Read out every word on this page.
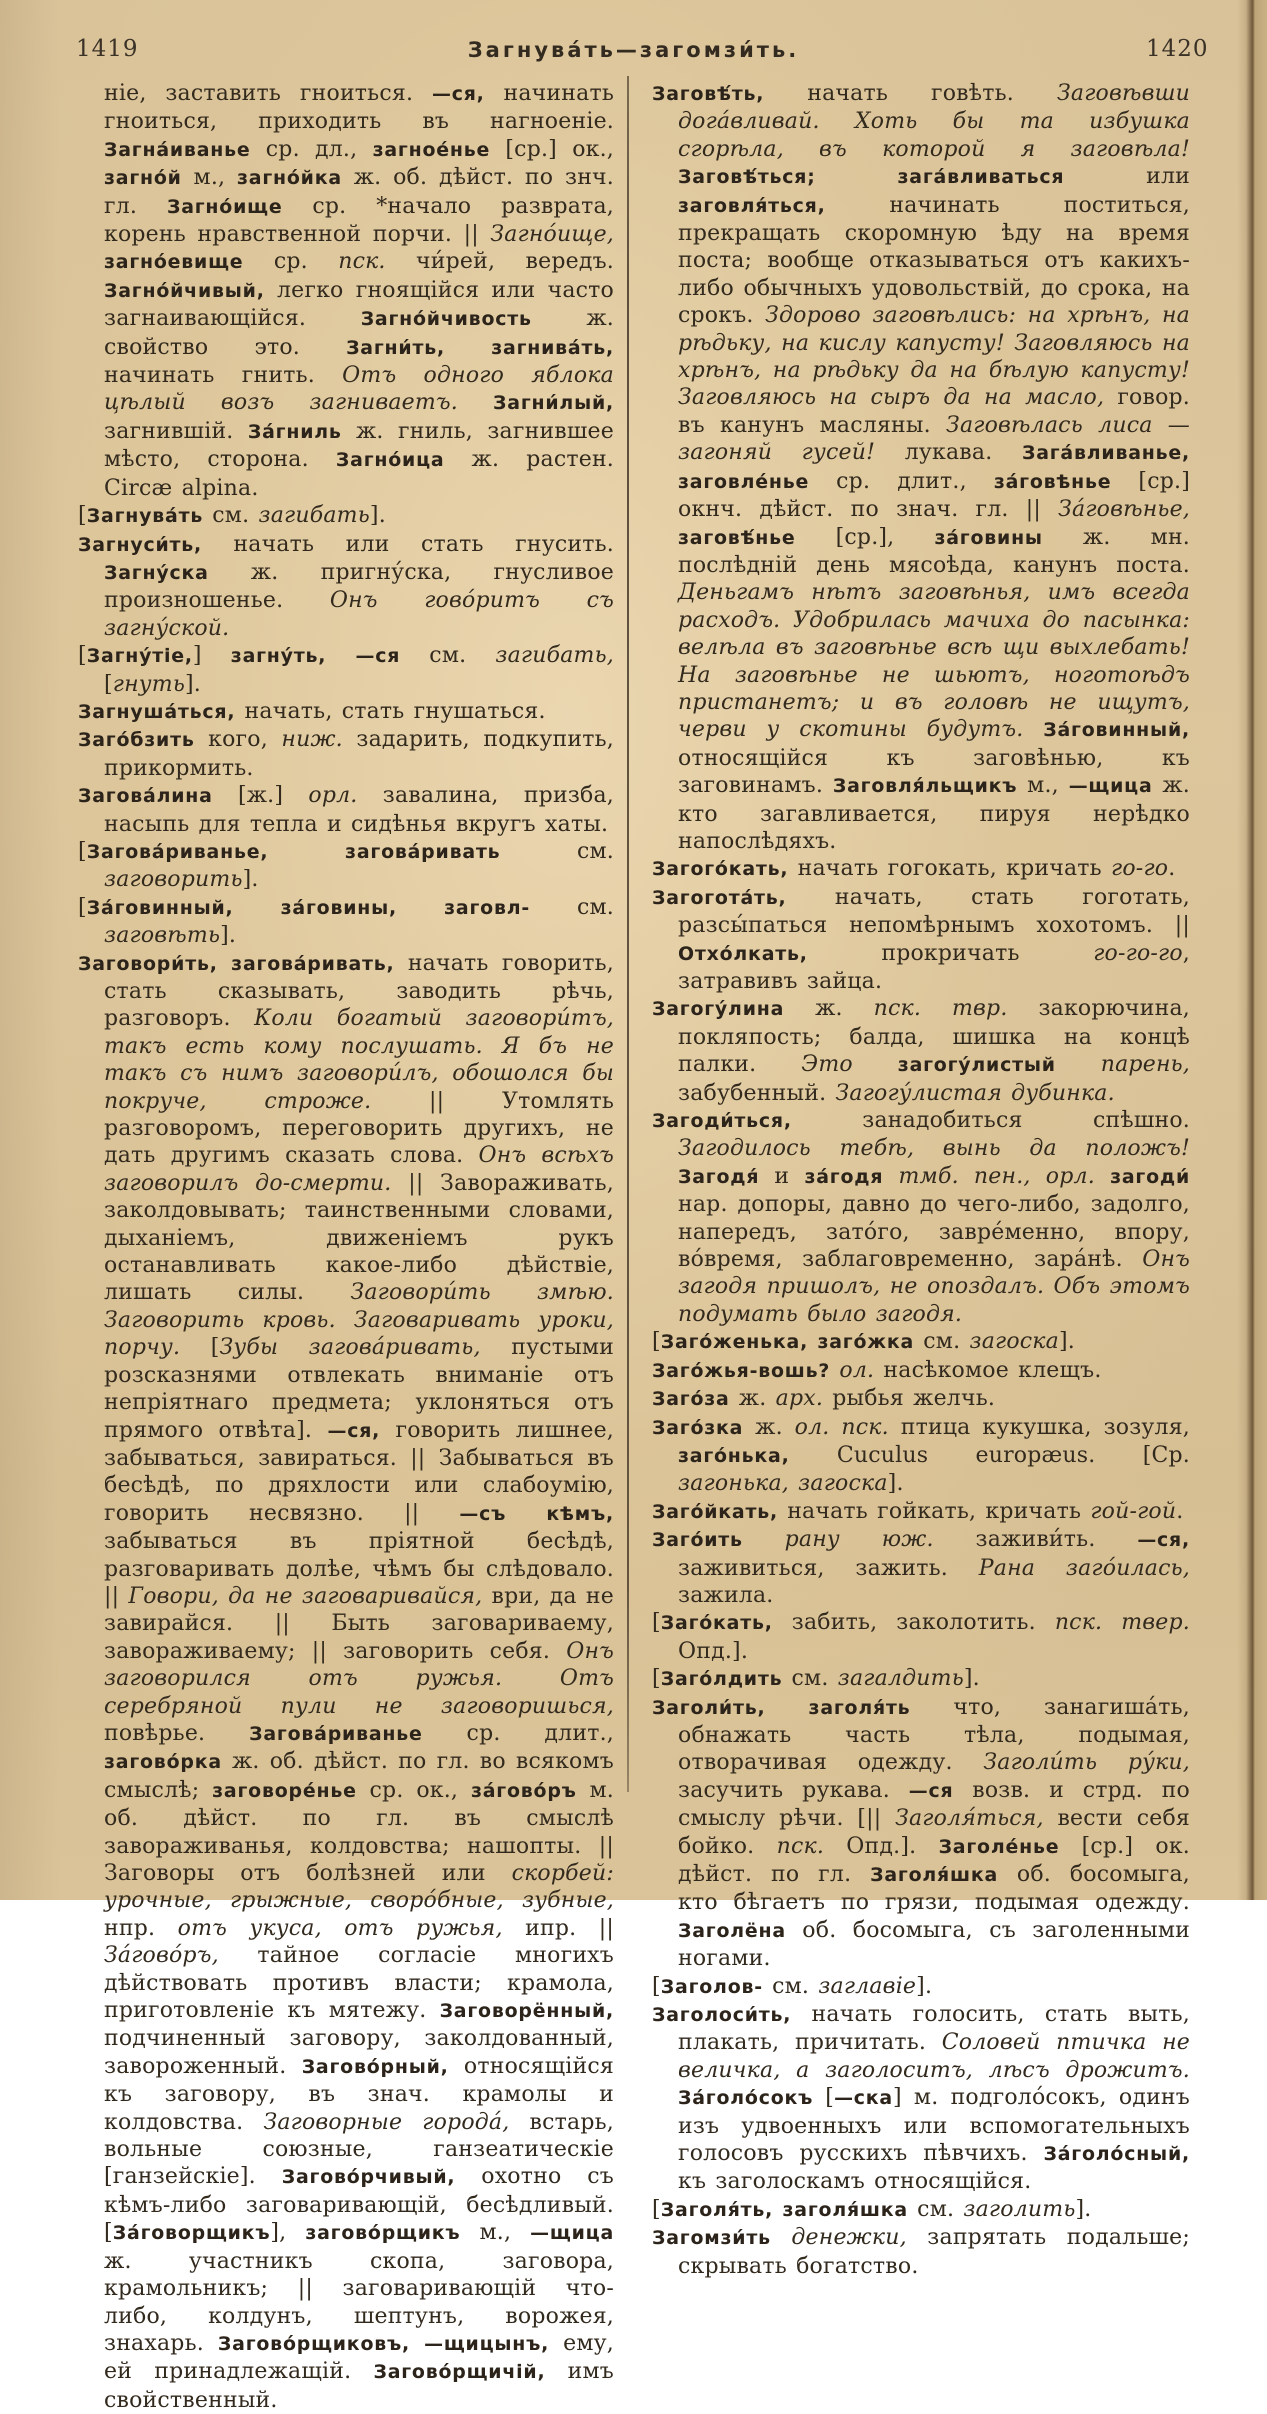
1419	Загнува́ть—загомзи́ть.	1420

ніе, заставить гноиться. —ся, начинать гноиться, приходить въ нагноеніе. Загна́иванье ср. дл., загное́нье [ср.] ок., загно́й м., загно́йка ж. об. дѣйст. по знч. гл. Загно́ище ср. *начало разврата, корень нравственной порчи. || Загно́ище, загно́евище ср. пск. чи́рей, вередъ. Загно́йчивый, легко гноящійся или часто загнаивающійся. Загно́йчивость ж. свойство это. Загни́ть, загнива́ть, начинать гнить. Отъ одного яблока цѣлый возъ загниваетъ. Загни́лый, загнившій. За́гниль ж. гниль, загнившее мѣсто, сторона. Загно́ица ж. растен. Circæ alpina.

[Загнува́ть см. загибать].

Загнуси́ть, начать или стать гнусить. Загну́ска ж. пригну́ска, гнусливое произношенье. Онъ гово́ритъ съ загну́ской.

[Загну́тіе,] загну́ть, —ся см. загибать, [гнуть].

Загнуша́ться, начать, стать гнушаться.

Заго́бзить кого, ниж. задарить, подкупить, прикормить.

Загова́лина [ж.] орл. завалина, призба, насыпь для тепла и сидѣнья вкругъ хаты.

[Загова́риванье, загова́ривать см. заговорить].

[За́говинный, за́говины, заговл- см. заговѣть].

Заговори́ть, загова́ривать, начать говорить, стать сказывать, заводить рѣчь, разговоръ. Коли богатый заговори́тъ, такъ есть кому послушать. Я бъ не такъ съ нимъ заговори́лъ, обошолся бы покруче, строже. || Утомлять разговоромъ, переговорить другихъ, не дать другимъ сказать слова. Онъ всѣхъ заговорилъ до-смерти. || Завораживать, заколдовывать; таинственными словами, дыханіемъ, движеніемъ рукъ останавливать какое-либо дѣйствіе, лишать силы. Заговори́ть змѣю. Заговорить кровь. Заговаривать уроки, порчу. [Зубы загова́ривать, пустыми розсказнями отвлекать вниманіе отъ непріятнаго предмета; уклоняться отъ прямого отвѣта]. —ся, говорить лишнее, забываться, завираться. || Забываться въ бесѣдѣ, по дряхлости или слабоумію, говорить несвязно. || —съ кѣмъ, забываться въ пріятной бесѣдѣ, разговаривать долѣе, чѣмъ бы слѣдовало. || Говори, да не заговаривайся, ври, да не завирайся. || Быть заговариваему, завораживаему; || заговорить себя. Онъ заговорился отъ ружья. Отъ серебряной пули не заговоришься, повѣрье. Загова́риванье ср. длит., загово́рка ж. об. дѣйст. по гл. во всякомъ смыслѣ; заговоре́нье ср. ок., за́гово́ръ м. об. дѣйст. по гл. въ смыслѣ завораживанья, колдовства; нашопты. || Заговоры отъ болѣзней или скорбей: урочные, грыжные, своро́бные, зубные, нпр. отъ укуса, отъ ружья, ипр. || За́гово́ръ, тайное согласіе многихъ дѣйствовать противъ власти; крамола, приготовленіе къ мятежу. Заговорённый, подчиненный заговору, заколдованный, завороженный. Загово́рный, относящійся къ заговору, въ знач. крамолы и колдовства. Заговорные города́, встарь, вольные союзные, ганзеатическіе [ганзейскіе]. Загово́рчивый, охотно съ кѣмъ-либо заговаривающій, бесѣдливый. [За́говорщикъ], загово́рщикъ м., —щица ж. участникъ скопа, заговора, крамольникъ; || заговаривающій что-либо, колдунъ, шептунъ, ворожея, знахарь. Загово́рщиковъ, —щицынъ, ему, ей принадлежащій. Загово́рщичій, имъ свойственный.

Заговѣ́ть, начать говѣть. Заговѣвши дога́вливай. Хоть бы та избушка сгорѣла, въ которой я заговѣла! Заговѣ́ться; зага́вливаться или заговля́ться, начинать поститься, прекращать скоромную ѣду на время поста; вообще отказываться отъ какихъ-либо обычныхъ удовольствій, до срока, на срокъ. Здорово заговѣлись: на хрѣнъ, на рѣдьку, на кислу капусту! Заговляюсь на хрѣнъ, на рѣдьку да на бѣлую капусту! Заговляюсь на сыръ да на масло, говор. въ канунъ масляны. Заговѣлась лиса — загоняй гусей! лукава. Зага́вливанье, заговле́нье ср. длит., за́говѣнье [ср.] окнч. дѣйст. по знач. гл. || За́говѣнье, заговѣ́нье [ср.], за́говины ж. мн. послѣдній день мясоѣда, канунъ поста. Деньгамъ нѣтъ заговѣнья, имъ всегда расходъ. Удобрилась мачиха до пасынка: велѣла въ заговѣнье всѣ щи выхлебать! На заговѣнье не шьютъ, ноготоѣдъ пристанетъ; и въ головѣ не ищутъ, черви у скотины будутъ. За́говинный, относящійся къ заговѣнью, къ заговинамъ. Заговля́льщикъ м., —щица ж. кто загавливается, пируя нерѣдко напослѣдяхъ.

Загого́кать, начать гогокать, кричать го-го.

Загогота́ть, начать, стать гоготать, разсы́паться непомѣрнымъ хохотомъ. || Отхо́лкать, прокричать го-го-го, затравивъ зайца.

Загогу́лина ж. пск. твр. закорючина, покляпость; балда, шишка на концѣ палки. Это загогу́листый парень, забубенный. Загогу́листая дубинка.

Загоди́ться, занадобиться спѣшно. Загодилось тебѣ, вынь да положъ! Загодя́ и за́годя тмб. пен., орл. загоди́ нар. допоры, давно до чего-либо, задолго, напередъ, зато́го, завре́менно, впору, во́время, заблаговременно, зара́нѣ. Онъ загодя пришолъ, не опоздалъ. Объ этомъ подумать было загодя.

[Заго́женька, заго́жка см. загоска].

Заго́жья-вошь? ол. насѣкомое клещъ.

Заго́за ж. арх. рыбья желчь.

Заго́зка ж. ол. пск. птица кукушка, зозуля, заго́нька, Cuculus europæus. [Ср. загонька, загоска].

Заго́йкать, начать гойкать, кричать гой-гой.

Заго́ить рану юж. заживи́ть. —ся, заживиться, зажить. Рана заго́илась, зажила.

[Заго́кать, забить, заколотить. пск. твер. Опд.].

[Заго́лдить см. загалдить].

Заголи́ть, заголя́ть что, занагиша́ть, обнажать часть тѣла, подымая, отворачивая одежду. Заголи́ть ру́ки, засучить рукава. —ся возв. и стрд. по смыслу рѣчи. [|| Заголя́ться, вести себя бойко. пск. Опд.]. Заголе́нье [ср.] ок. дѣйст. по гл. Заголя́шка об. босомыга, кто бѣгаетъ по грязи, подымая одежду. Заголёна об. босомыга, съ заголенными ногами.

[Заголов- см. заглавіе].

Заголоси́ть, начать голосить, стать выть, плакать, причитать. Соловей птичка не величка, а заголоситъ, лѣсъ дрожитъ. За́голо́сокъ [—ска] м. подголо́сокъ, одинъ изъ удвоенныхъ или вспомогательныхъ голосовъ русскихъ пѣвчихъ. За́голо́сный, къ заголоскамъ относящійся.

[Заголя́ть, заголя́шка см. заголить].

Загомзи́ть денежки, запрятать подальше; скрывать богатство.
